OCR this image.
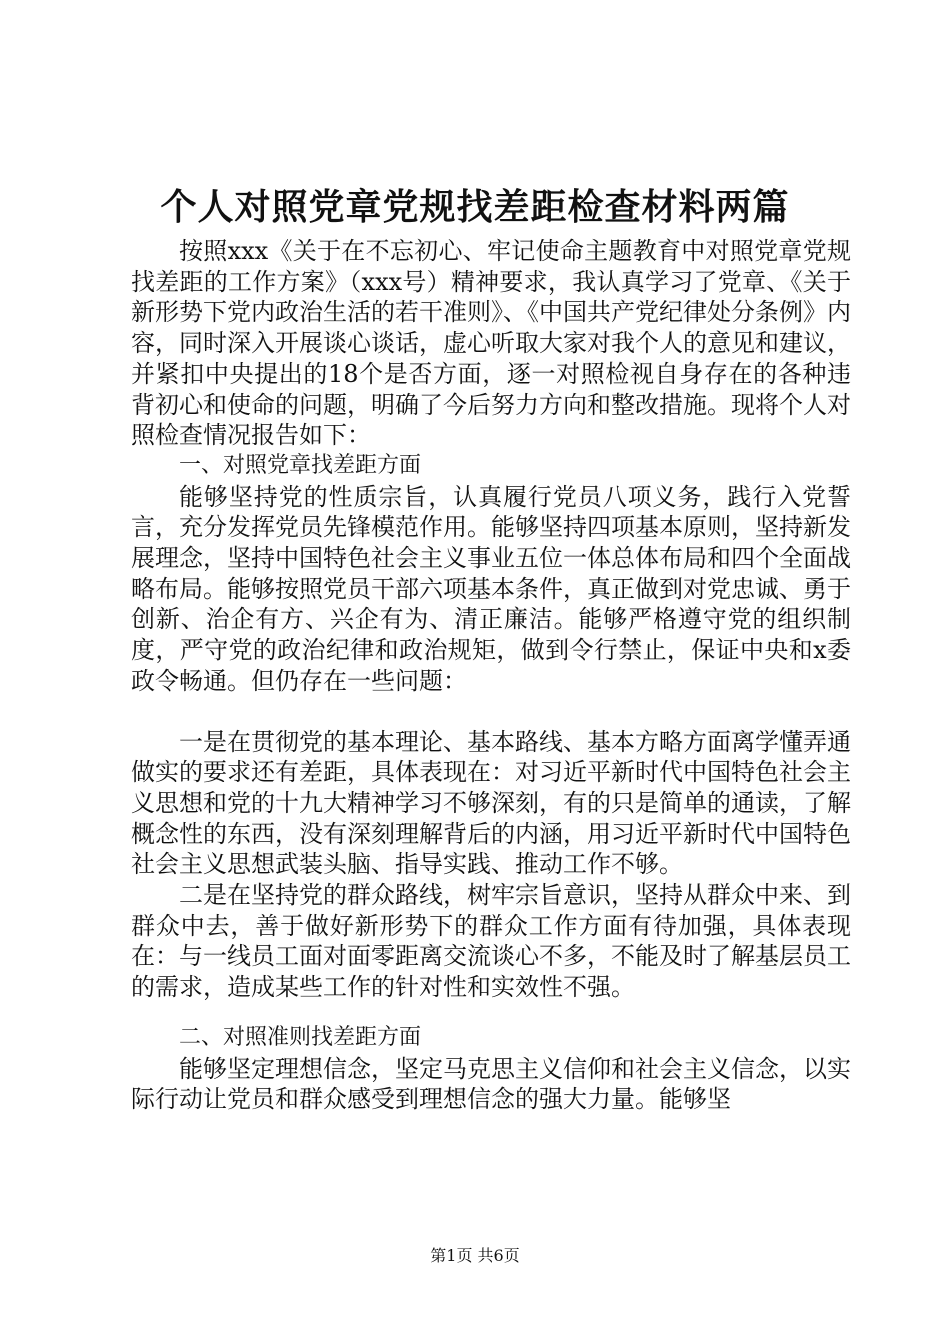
个人对照党章党规找差距检查材料两篇

按照xxx《关于在不忘初心、牢记使命主题教育中对照党章党规找差距的工作方案》（xxx号）精神要求，我认真学习了党章、《关于新形势下党内政治生活的若干准则》、《中国共产党纪律处分条例》内容，同时深入开展谈心谈话，虚心听取大家对我个人的意见和建议，并紧扣中央提出的18个是否方面，逐一对照检视自身存在的各种违背初心和使命的问题，明确了今后努力方向和整改措施。现将个人对照检查情况报告如下：

一、对照党章找差距方面

能够坚持党的性质宗旨，认真履行党员八项义务，践行入党誓言，充分发挥党员先锋模范作用。能够坚持四项基本原则，坚持新发展理念，坚持中国特色社会主义事业五位一体总体布局和四个全面战略布局。能够按照党员干部六项基本条件，真正做到对党忠诚、勇于创新、治企有方、兴企有为、清正廉洁。能够严格遵守党的组织制度，严守党的政治纪律和政治规矩，做到令行禁止，保证中央和x委政令畅通。但仍存在一些问题：

一是在贯彻党的基本理论、基本路线、基本方略方面离学懂弄通做实的要求还有差距，具体表现在：对习近平新时代中国特色社会主义思想和党的十九大精神学习不够深刻，有的只是简单的通读，了解概念性的东西，没有深刻理解背后的内涵，用习近平新时代中国特色社会主义思想武装头脑、指导实践、推动工作不够。

二是在坚持党的群众路线，树牢宗旨意识，坚持从群众中来、到群众中去，善于做好新形势下的群众工作方面有待加强，具体表现在：与一线员工面对面零距离交流谈心不多，不能及时了解基层员工的需求，造成某些工作的针对性和实效性不强。

二、对照准则找差距方面

能够坚定理想信念，坚定马克思主义信仰和社会主义信念，以实际行动让党员和群众感受到理想信念的强大力量。能够坚

第1页 共6页
